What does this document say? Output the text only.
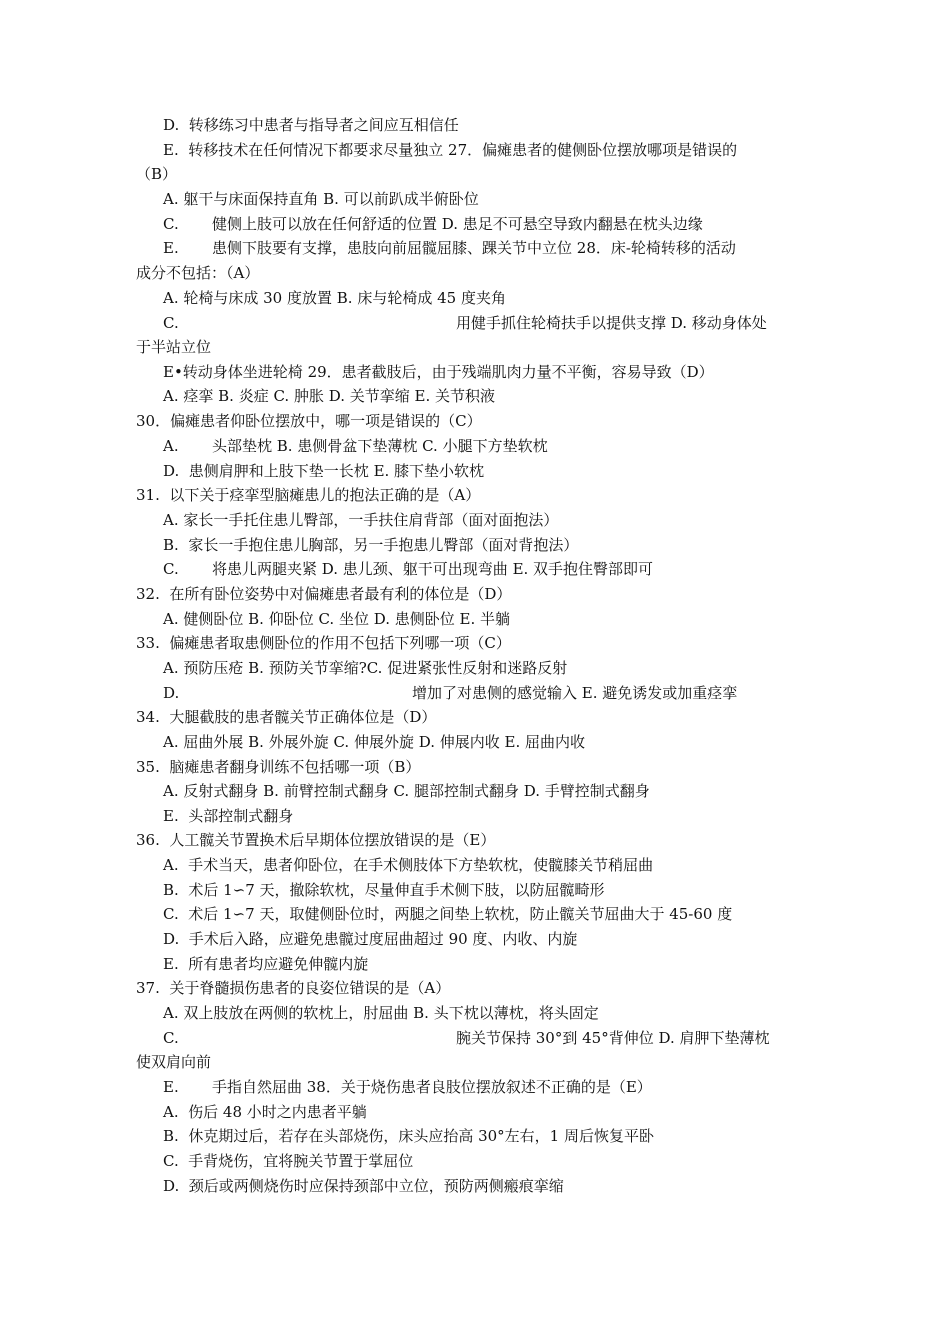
D.  转移练习中患者与指导者之间应互相信任
E.  转移技术在任何情况下都要求尽量独立 27．偏瘫患者的健侧卧位摆放哪项是错误的
（B）
A. 躯干与床面保持直角 B. 可以前趴成半俯卧位
C. 健侧上肢可以放在任何舒适的位置 D. 患足不可悬空导致内翻悬在枕头边缘
E. 患侧下肢要有支撑，患肢向前屈髋屈膝、踝关节中立位 28．床-轮椅转移的活动
成分不包括：（A）
A. 轮椅与床成 30 度放置 B. 床与轮椅成 45 度夹角
C.	用健手抓住轮椅扶手以提供支撑 D. 移动身体处
于半站立位
E•转动身体坐进轮椅 29．患者截肢后，由于残端肌肉力量不平衡，容易导致（D）
A. 痉挛 B. 炎症 C. 肿胀 D. 关节挛缩 E. 关节积液
30．偏瘫患者仰卧位摆放中，哪一项是错误的（C）
A. 头部垫枕 B. 患侧骨盆下垫薄枕 C. 小腿下方垫软枕
D.  患侧肩胛和上肢下垫一长枕 E. 膝下垫小软枕
31.  以下关于痉挛型脑瘫患儿的抱法正确的是（A）
A. 家长一手托住患儿臀部，一手扶住肩背部（面对面抱法）
B.  家长一手抱住患儿胸部，另一手抱患儿臀部（面对背抱法）
C. 将患儿两腿夹紧 D. 患儿颈、躯干可出现弯曲 E. 双手抱住臀部即可
32.  在所有卧位姿势中对偏瘫患者最有利的体位是（D）
A. 健侧卧位 B. 仰卧位 C. 坐位 D. 患侧卧位 E. 半躺
33.  偏瘫患者取患侧卧位的作用不包括下列哪一项（C）
A. 预防压疮 B. 预防关节挛缩?C. 促进紧张性反射和迷路反射
D.	增加了对患侧的感觉输入 E. 避免诱发或加重痉挛
34.  大腿截肢的患者髋关节正确体位是（D）
A. 屈曲外展 B. 外展外旋 C. 伸展外旋 D. 伸展内收 E. 屈曲内收
35.  脑瘫患者翻身训练不包括哪一项（B）
A. 反射式翻身 B. 前臂控制式翻身 C. 腿部控制式翻身 D. 手臂控制式翻身
E.  头部控制式翻身
36.  人工髋关节置换术后早期体位摆放错误的是（E）
A.  手术当天，患者仰卧位，在手术侧肢体下方垫软枕，使髋膝关节稍屈曲
B.  术后 1∽7 天，撤除软枕，尽量伸直手术侧下肢，以防屈髋畸形
C.  术后 1∽7 天，取健侧卧位时，两腿之间垫上软枕，防止髋关节屈曲大于 45-60 度
D.  手术后入路，应避免患髋过度屈曲超过 90 度、内收、内旋
E.  所有患者均应避免伸髋内旋
37.  关于脊髓损伤患者的良姿位错误的是（A）
A. 双上肢放在两侧的软枕上，肘屈曲 B. 头下枕以薄枕，将头固定
C.	腕关节保持 30°到 45°背伸位 D. 肩胛下垫薄枕
使双肩向前
E. 手指自然屈曲 38．关于烧伤患者良肢位摆放叙述不正确的是（E）
A.  伤后 48 小时之内患者平躺
B.  休克期过后，若存在头部烧伤，床头应抬高 30°左右，1 周后恢复平卧
C.  手背烧伤，宜将腕关节置于掌屈位
D.  颈后或两侧烧伤时应保持颈部中立位，预防两侧瘢痕挛缩
